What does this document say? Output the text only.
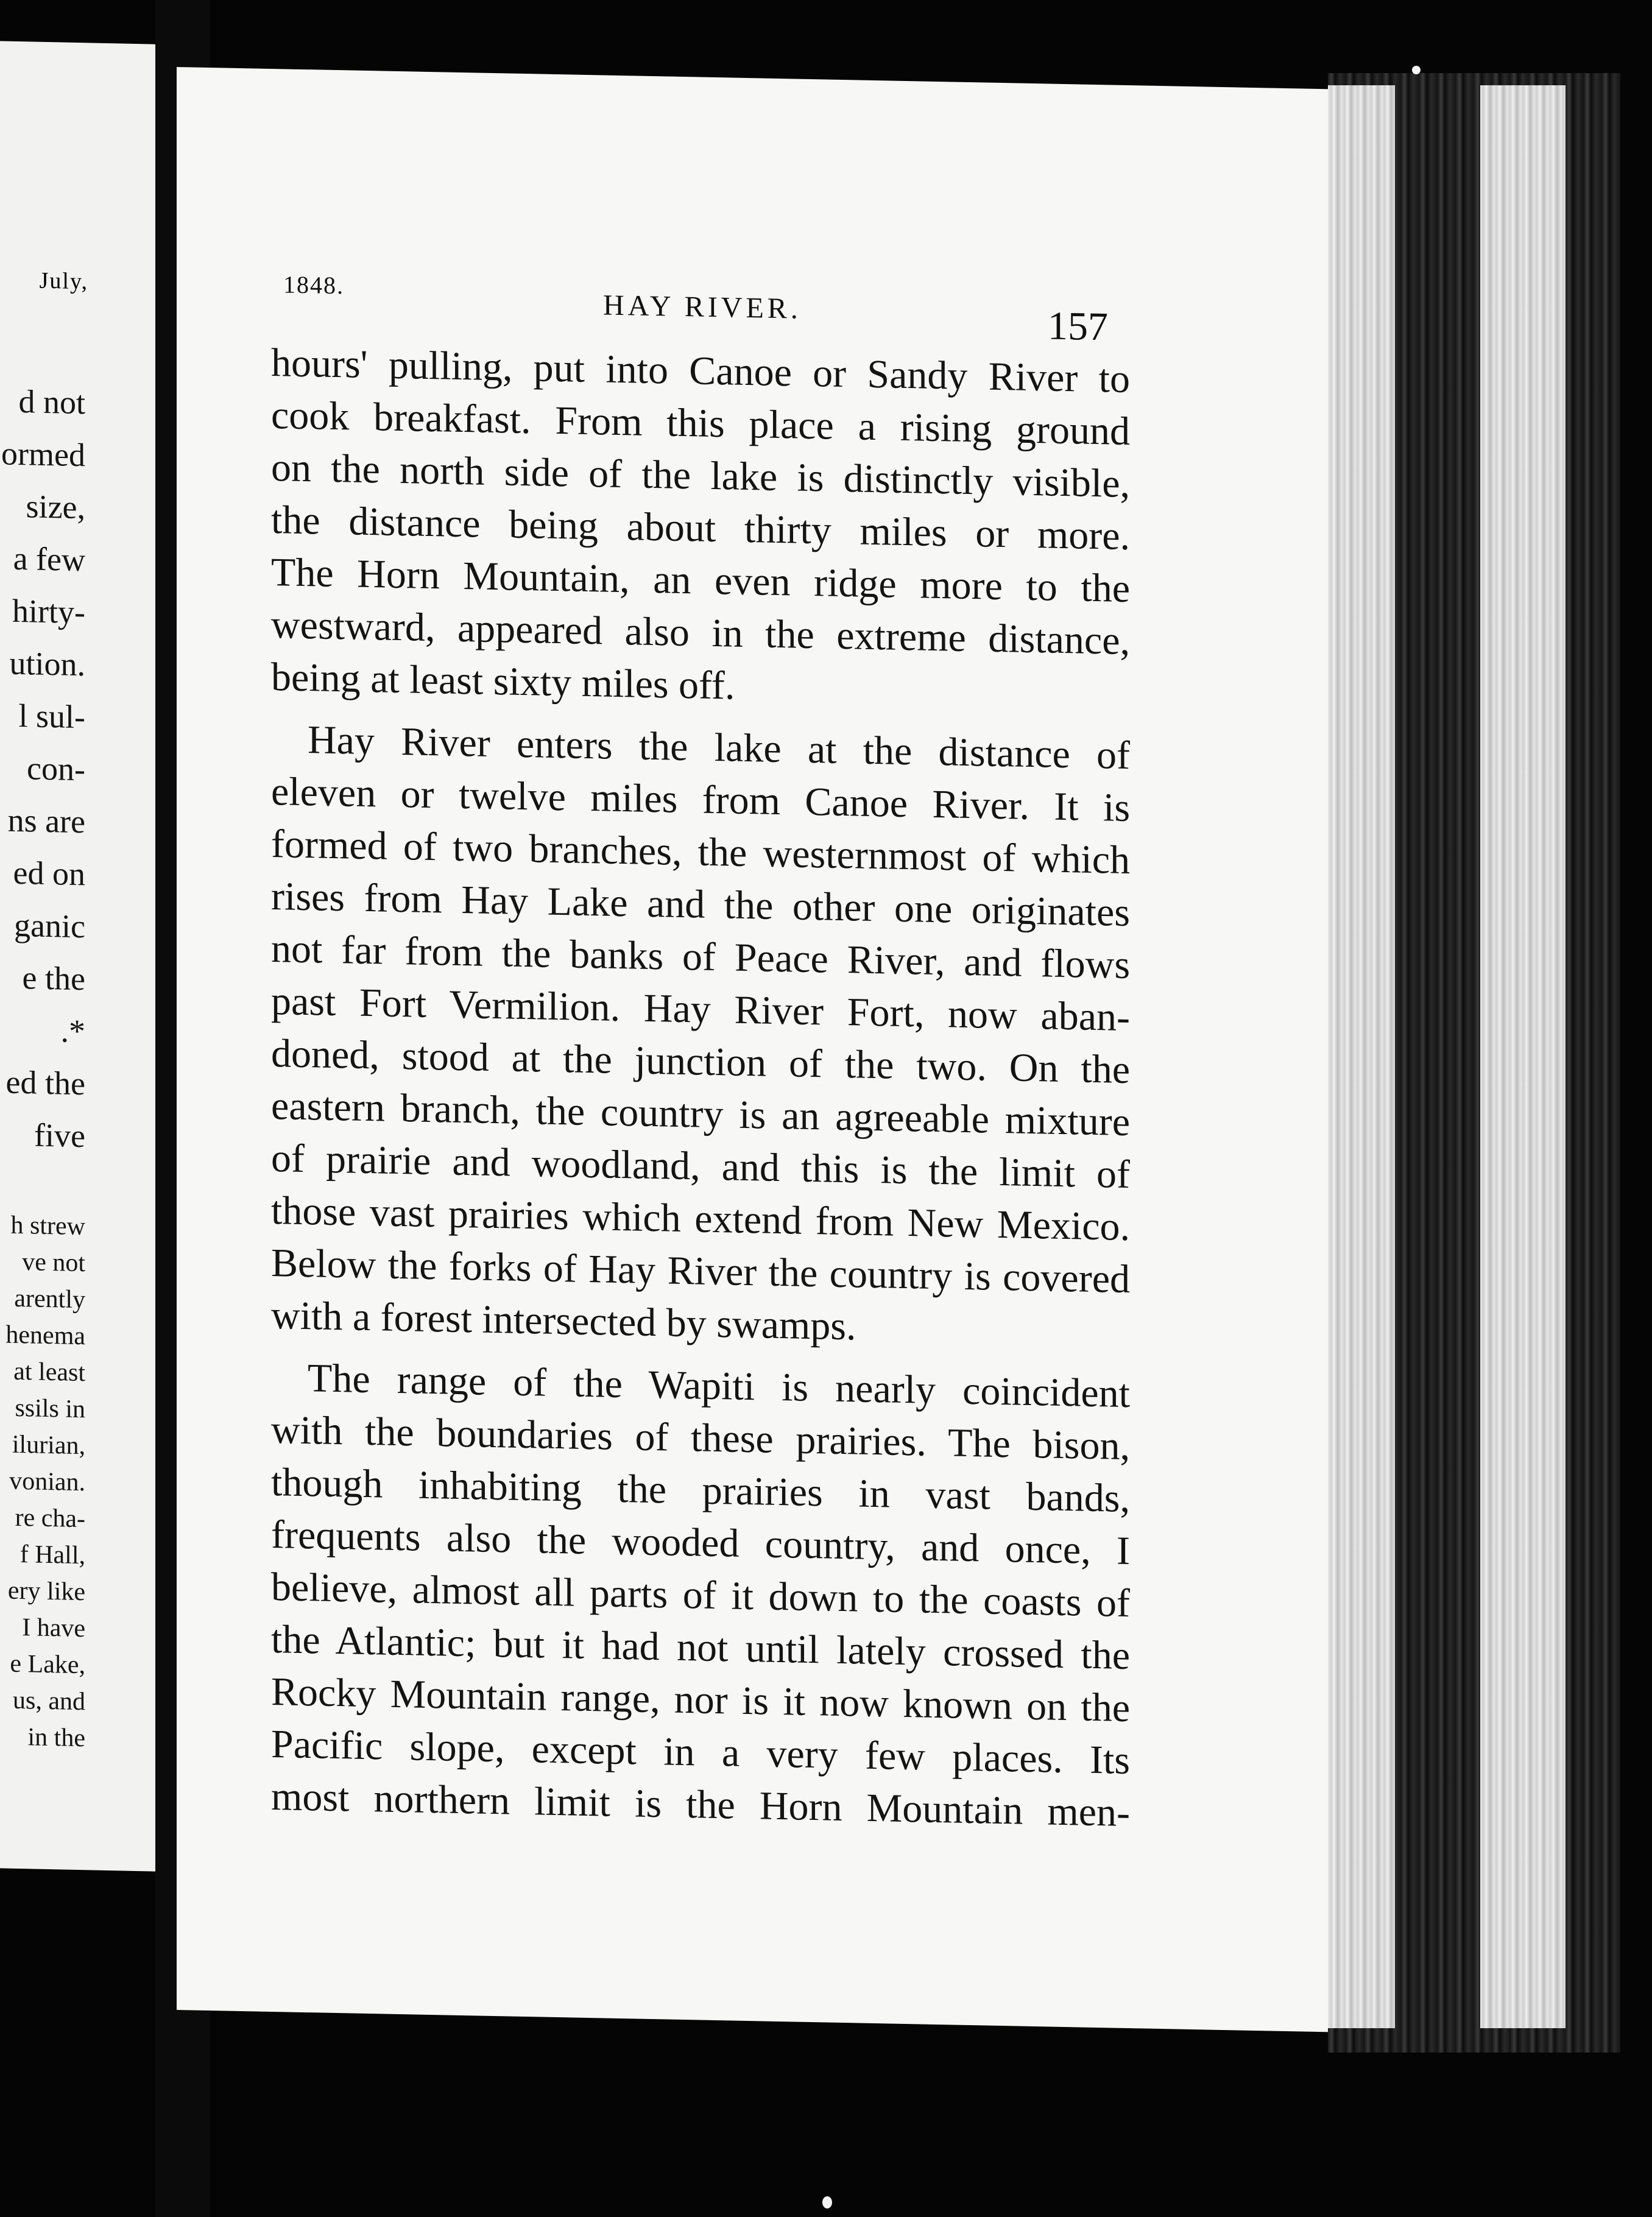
July,
d not
ormed
size,
a few
hirty-
ution.
l sul-
con-
ns are
ed on
ganic
e the
.*
ed the
five
h strew
ve not
arently
henema
at least
ssils in
ilurian,
vonian.
re cha-
f Hall,
ery like
I have
e Lake,
us, and
in the
1848.
HAY RIVER.	157
hours' pulling, put into Canoe or Sandy River to
cook breakfast. From this place a rising ground
on the north side of the lake is distinctly visible,
the distance being about thirty miles or more.
The Horn Mountain, an even ridge more to the
westward, appeared also in the extreme distance,
being at least sixty miles off.
Hay River enters the lake at the distance of
eleven or twelve miles from Canoe River. It is
formed of two branches, the westernmost of which
rises from Hay Lake and the other one originates
not far from the banks of Peace River, and flows
past Fort Vermilion. Hay River Fort, now aban-
doned, stood at the junction of the two. On the
eastern branch, the country is an agreeable mixture
of prairie and woodland, and this is the limit of
those vast prairies which extend from New Mexico.
Below the forks of Hay River the country is covered
with a forest intersected by swamps.
The range of the Wapiti is nearly coincident
with the boundaries of these prairies. The bison,
though inhabiting the prairies in vast bands,
frequents also the wooded country, and once, I
believe, almost all parts of it down to the coasts of
the Atlantic; but it had not until lately crossed the
Rocky Mountain range, nor is it now known on the
Pacific slope, except in a very few places. Its
most northern limit is the Horn Mountain men-
